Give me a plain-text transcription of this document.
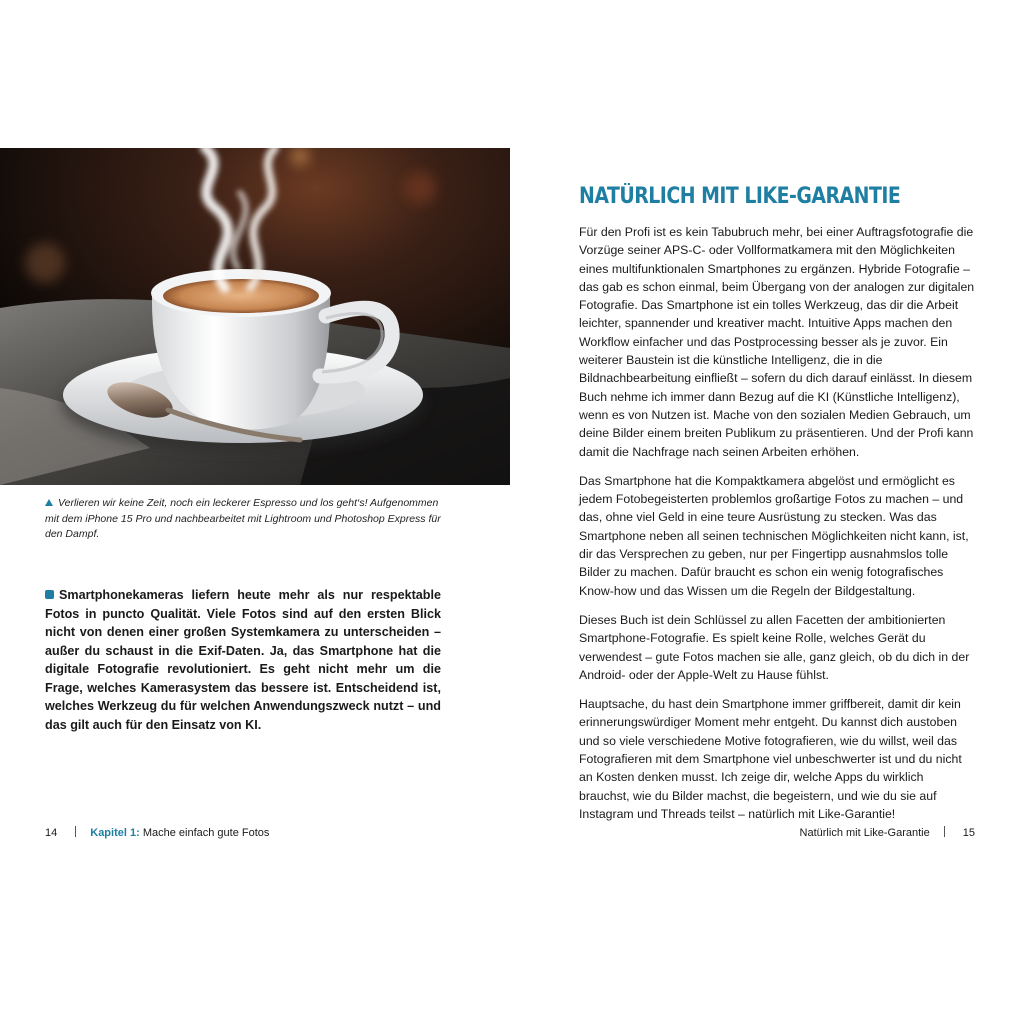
Verlieren wir keine Zeit, noch ein leckerer Espresso und los geht‘s! Aufgenommen mit dem iPhone 15 Pro und nachbearbeitet mit Lightroom und Photoshop Express für den Dampf.
Smartphonekameras liefern heute mehr als nur respektable Fotos in puncto Qualität. Viele Fotos sind auf den ersten Blick nicht von denen einer großen Systemkamera zu unterscheiden – außer du schaust in die Exif-Daten. Ja, das Smartphone hat die digitale Fotografie revolutioniert. Es geht nicht mehr um die Frage, welches Kamerasystem das bessere ist. Entscheidend ist, welches Werkzeug du für welchen Anwendungszweck nutzt – und das gilt auch für den Einsatz von KI.
NATÜRLICH MIT LIKE-GARANTIE

Für den Profi ist es kein Tabubruch mehr, bei einer Auftragsfotografie die Vorzüge seiner APS-C- oder Vollformatkamera mit den Möglichkeiten eines multifunktionalen Smartphones zu ergänzen. Hybride Fotografie – das gab es schon einmal, beim Übergang von der analogen zur digitalen Fotografie. Das Smartphone ist ein tolles Werkzeug, das dir die Arbeit leichter, spannender und kreativer macht. Intuitive Apps machen den Workflow einfacher und das Postprocessing besser als je zuvor. Ein weiterer Baustein ist die künstliche Intelligenz, die in die Bildnachbearbeitung einfließt – sofern du dich darauf einlässt. In diesem Buch nehme ich immer dann Bezug auf die KI (Künstliche Intelligenz), wenn es von Nutzen ist. Mache von den sozialen Medien Gebrauch, um deine Bilder einem breiten Publikum zu präsentieren. Und der Profi kann damit die Nachfrage nach seinen Arbeiten erhöhen.

Das Smartphone hat die Kompaktkamera abgelöst und ermöglicht es jedem Fotobegeisterten problemlos großartige Fotos zu machen – und das, ohne viel Geld in eine teure Ausrüstung zu stecken. Was das Smartphone neben all seinen technischen Möglichkeiten nicht kann, ist, dir das Versprechen zu geben, nur per Fingertipp ausnahmslos tolle Bilder zu machen. Dafür braucht es schon ein wenig fotografisches Know-how und das Wissen um die Regeln der Bildgestaltung.

Dieses Buch ist dein Schlüssel zu allen Facetten der ambitionierten Smartphone-Fotografie. Es spielt keine Rolle, welches Gerät du verwendest – gute Fotos machen sie alle, ganz gleich, ob du dich in der Android- oder der Apple-Welt zu Hause fühlst.

Hauptsache, du hast dein Smartphone immer griffbereit, damit dir kein erinnerungswürdiger Moment mehr entgeht. Du kannst dich austoben und so viele verschiedene Motive fotografieren, wie du willst, weil das Fotografieren mit dem Smartphone viel unbeschwerter ist und du nicht an Kosten denken musst. Ich zeige dir, welche Apps du wirklich brauchst, wie du Bilder machst, die begeistern, und wie du sie auf Instagram und Threads teilst – natürlich mit Like-Garantie!

14	Kapitel 1: Mache einfach gute Fotos	Natürlich mit Like-Garantie	15
